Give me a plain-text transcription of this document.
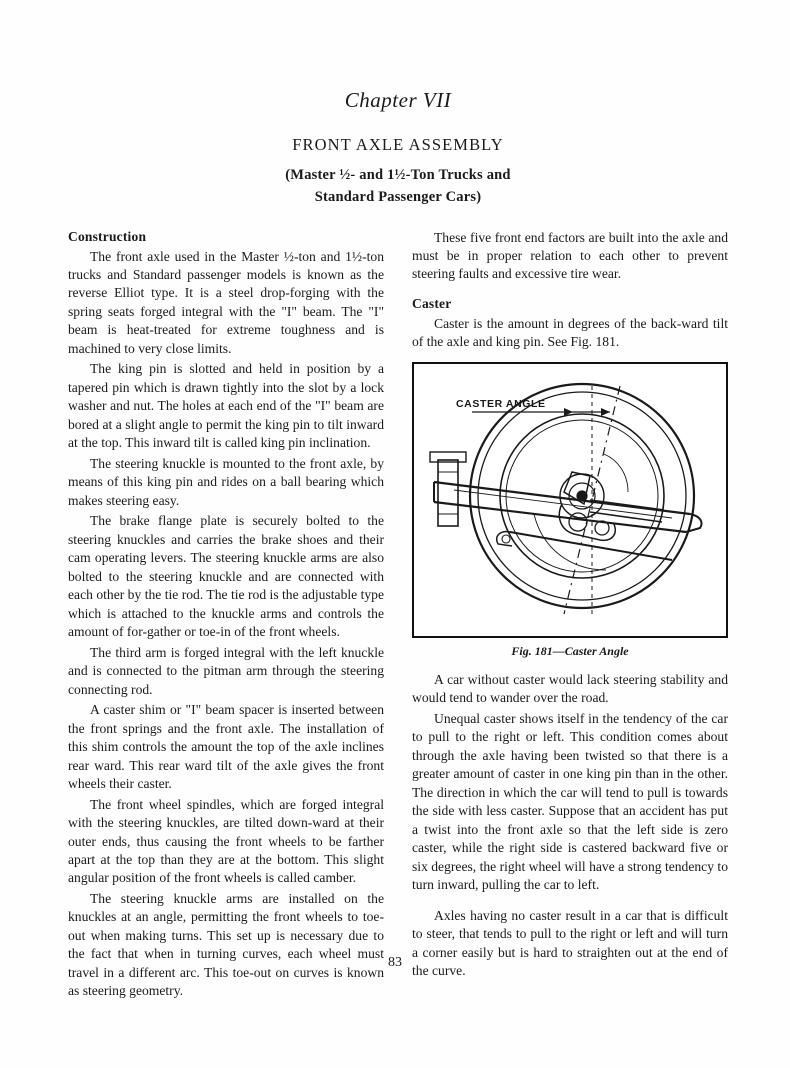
Chapter VII
FRONT AXLE ASSEMBLY
(Master ½- and 1½-Ton Trucks and
Standard Passenger Cars)
Construction

The front axle used in the Master ½-ton and 1½-ton trucks and Standard passenger models is known as the reverse Elliot type. It is a steel drop-forging with the spring seats forged integral with the "I" beam. The "I" beam is heat-treated for extreme toughness and is machined to very close limits.

The king pin is slotted and held in position by a tapered pin which is drawn tightly into the slot by a lock washer and nut. The holes at each end of the "I" beam are bored at a slight angle to permit the king pin to tilt inward at the top. This inward tilt is called king pin inclination.

The steering knuckle is mounted to the front axle, by means of this king pin and rides on a ball bearing which makes steering easy.

The brake flange plate is securely bolted to the steering knuckles and carries the brake shoes and their cam operating levers. The steering knuckle arms are also bolted to the steering knuckle and are connected with each other by the tie rod. The tie rod is the adjustable type which is attached to the knuckle arms and controls the amount of for-gather or toe-in of the front wheels.

The third arm is forged integral with the left knuckle and is connected to the pitman arm through the steering connecting rod.

A caster shim or "I" beam spacer is inserted between the front springs and the front axle. The installation of this shim controls the amount the top of the axle inclines rear ward. This rear ward tilt of the axle gives the front wheels their caster.

The front wheel spindles, which are forged integral with the steering knuckles, are tilted down-ward at their outer ends, thus causing the front wheels to be farther apart at the top than they are at the bottom. This slight angular position of the front wheels is called camber.

The steering knuckle arms are installed on the knuckles at an angle, permitting the front wheels to toe-out when making turns. This set up is necessary due to the fact that when in turning curves, each wheel must travel in a different arc. This toe-out on curves is known as steering geometry.

These five front end factors are built into the axle and must be in proper relation to each other to prevent steering faults and excessive tire wear.

Caster

Caster is the amount in degrees of the back-ward tilt of the axle and king pin. See Fig. 181.

CASTER ANGLE
Fig. 181—Caster Angle

A car without caster would lack steering stability and would tend to wander over the road.

Unequal caster shows itself in the tendency of the car to pull to the right or left. This condition comes about through the axle having been twisted so that there is a greater amount of caster in one king pin than in the other. The direction in which the car will tend to pull is towards the side with less caster. Suppose that an accident has put a twist into the front axle so that the left side is zero caster, while the right side is castered backward five or six degrees, the right wheel will have a strong tendency to turn inward, pulling the car to left.

Axles having no caster result in a car that is difficult to steer, that tends to pull to the right or left and will turn a corner easily but is hard to straighten out at the end of the curve.

83
